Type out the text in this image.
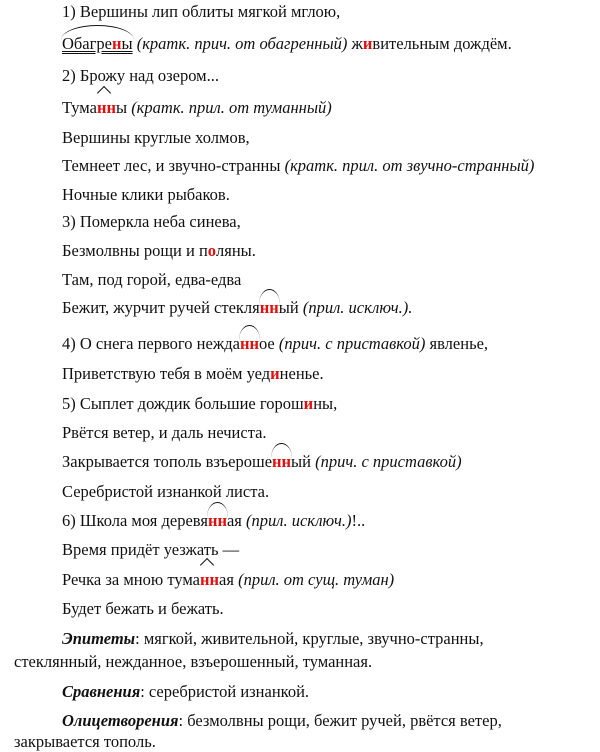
1) Вершины лип облиты мягкой мглою,
Обагрены (кратк. прич. от обагренный) живительным дождём.
2) Брожу над озером...
Туманны (кратк. прил. от туманный)
Вершины круглые холмов,
Темнеет лес, и звучно-странны (кратк. прил. от звучно-странный)
Ночные клики рыбаков.
3) Померкла неба синева,
Безмолвны рощи и поляны.
Там, под горой, едва-едва
Бежит, журчит ручей стеклянный (прил. исключ.).
4) О снега первого нежданное (прич. с приставкой) явленье,
Приветствую тебя в моём уединенье.
5) Сыплет дождик большие горошины,
Рвётся ветер, и даль нечиста.
Закрывается тополь взъерошенный (прич. с приставкой)
Серебристой изнанкой листа.
6) Школа моя деревянная (прил. исключ.)!..
Время придёт уезжать —
Речка за мною туманная (прил. от сущ. туман)
Будет бежать и бежать.
Эпитеты: мягкой, живительной, круглые, звучно-странны,
стеклянный, нежданное, взъерошенный, туманная.
Сравнения: серебристой изнанкой.
Олицетворения: безмолвны рощи, бежит ручей, рвётся ветер,
закрывается тополь.
